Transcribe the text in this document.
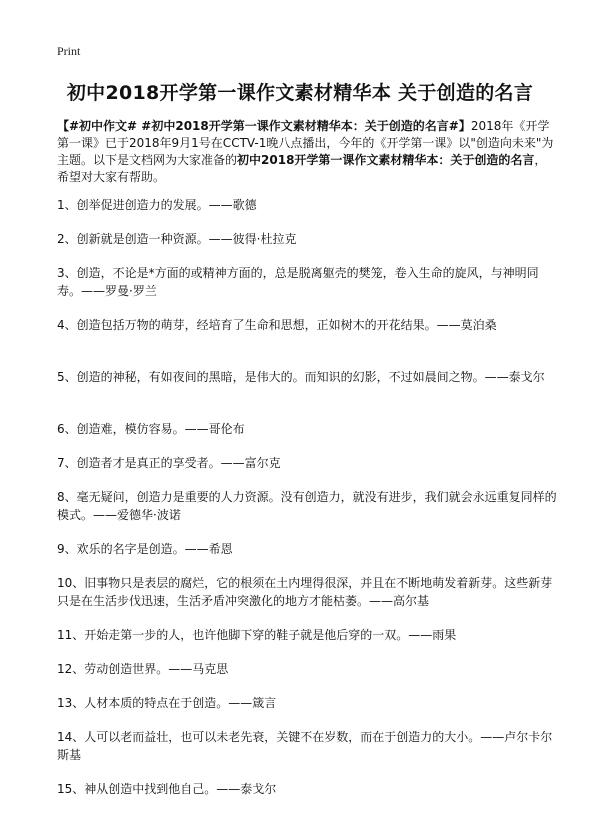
Print
初中2018开学第一课作文素材精华本 关于创造的名言
【#初中作文# #初中2018开学第一课作文素材精华本：关于创造的名言#】2018年《开学第一课》已于2018年9月1号在CCTV-1晚八点播出，今年的《开学第一课》以"创造向未来"为主题。以下是文档网为大家准备的初中2018开学第一课作文素材精华本：关于创造的名言，希望对大家有帮助。
1、创举促进创造力的发展。——歌德
2、创新就是创造一种资源。——彼得·杜拉克
3、创造，不论是*方面的或精神方面的，总是脱离躯壳的樊笼，卷入生命的旋风，与神明同寿。——罗曼·罗兰
4、创造包括万物的萌芽，经培育了生命和思想，正如树木的开花结果。——莫泊桑
5、创造的神秘，有如夜间的黑暗，是伟大的。而知识的幻影，不过如晨间之物。——泰戈尔
6、创造难，模仿容易。——哥伦布
7、创造者才是真正的享受者。——富尔克
8、毫无疑问，创造力是重要的人力资源。没有创造力，就没有进步，我们就会永远重复同样的模式。——爱德华·波诺
9、欢乐的名字是创造。——希恩
10、旧事物只是表层的腐烂，它的根须在土内埋得很深，并且在不断地萌发着新芽。这些新芽只是在生活步伐迅速，生活矛盾冲突激化的地方才能枯萎。——高尔基
11、开始走第一步的人，也许他脚下穿的鞋子就是他后穿的一双。——雨果
12、劳动创造世界。——马克思
13、人材本质的特点在于创造。——箴言
14、人可以老而益壮，也可以未老先衰，关键不在岁数，而在于创造力的大小。——卢尔卡尔斯基
15、神从创造中找到他自己。——泰戈尔
